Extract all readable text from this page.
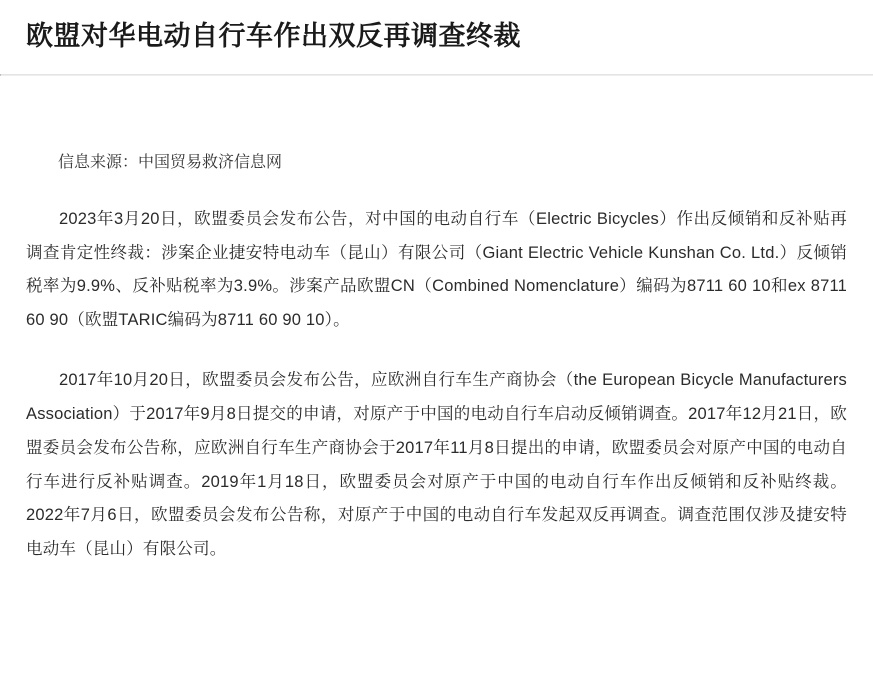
欧盟对华电动自行车作出双反再调查终裁
信息来源：中国贸易救济信息网

2023年3月20日，欧盟委员会发布公告，对中国的电动自行车（Electric Bicycles）作出反倾销和反补贴再调查肯定性终裁：涉案企业捷安特电动车（昆山）有限公司（Giant Electric Vehicle Kunshan Co. Ltd.）反倾销税率为9.9%、反补贴税率为3.9%。涉案产品欧盟CN（Combined Nomenclature）编码为8711 60 10和ex 8711 60 90（欧盟TARIC编码为8711 60 90 10）。

2017年10月20日，欧盟委员会发布公告，应欧洲自行车生产商协会（the European Bicycle Manufacturers Association）于2017年9月8日提交的申请，对原产于中国的电动自行车启动反倾销调查。2017年12月21日，欧盟委员会发布公告称，应欧洲自行车生产商协会于2017年11月8日提出的申请，欧盟委员会对原产中国的电动自行车进行反补贴调查。2019年1月18日，欧盟委员会对原产于中国的电动自行车作出反倾销和反补贴终裁。2022年7月6日，欧盟委员会发布公告称，对原产于中国的电动自行车发起双反再调查。调查范围仅涉及捷安特电动车（昆山）有限公司。
